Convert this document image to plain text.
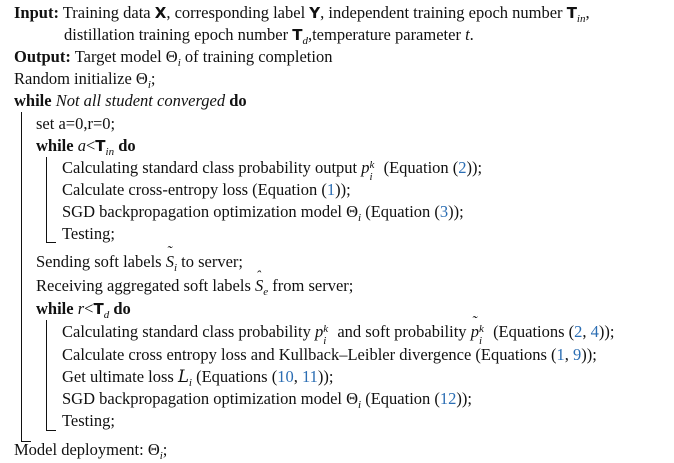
Input: Training data X, corresponding label Y, independent training epoch number $T_{in}$,
distillation training epoch number $T_d,temperature$ parameter t.
Output: Target model $\Theta_i$ of training completion
Random initialize $\Theta_i$;
while Not all student converged do
set a=0,r=0;
while $a<T_{in}$ do
Calculating standard class probability output p k
i (Equation (2));
Calculate cross-entropy loss (Equation (1));
SGD backpropagation optimization model $\Theta_i$ (Equation (3));
Testing;
Sending soft labels ˜ $S_i$ to server;
Receiving aggregated soft labels ˆ $S_e$ from server;
while $r<T_d$ do
Calculating standard class probability p k
i and soft probability ˜ p k
i (Equations (2, 4));
Calculate cross entropy loss and Kullback–Leibler divergence (Equations (1, 9));
Get ultimate loss $L_i$ (Equations (10, 11));
SGD backpropagation optimization model $\Theta_i$ (Equation (12));
Testing;
Model deployment: $\Theta_i$;
